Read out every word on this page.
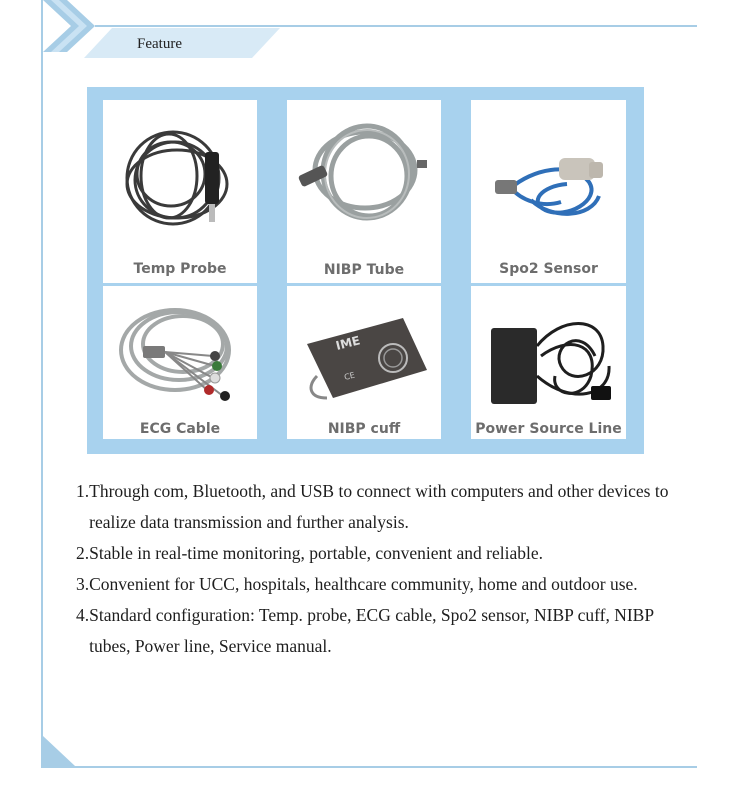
Feature
Temp Probe	NIBP Tube	Spo2 Sensor
ECG Cable
IME
CE
NIBP cuff	Power Source Line
1. Through com, Bluetooth, and USB to connect with computers and other devices to realize data transmission and further analysis.
2. Stable in real-time monitoring, portable, convenient and reliable.
3. Convenient for UCC, hospitals, healthcare community, home and outdoor use.
4. Standard configuration: Temp. probe, ECG cable, Spo2 sensor, NIBP cuff, NIBP tubes, Power line, Service manual.
